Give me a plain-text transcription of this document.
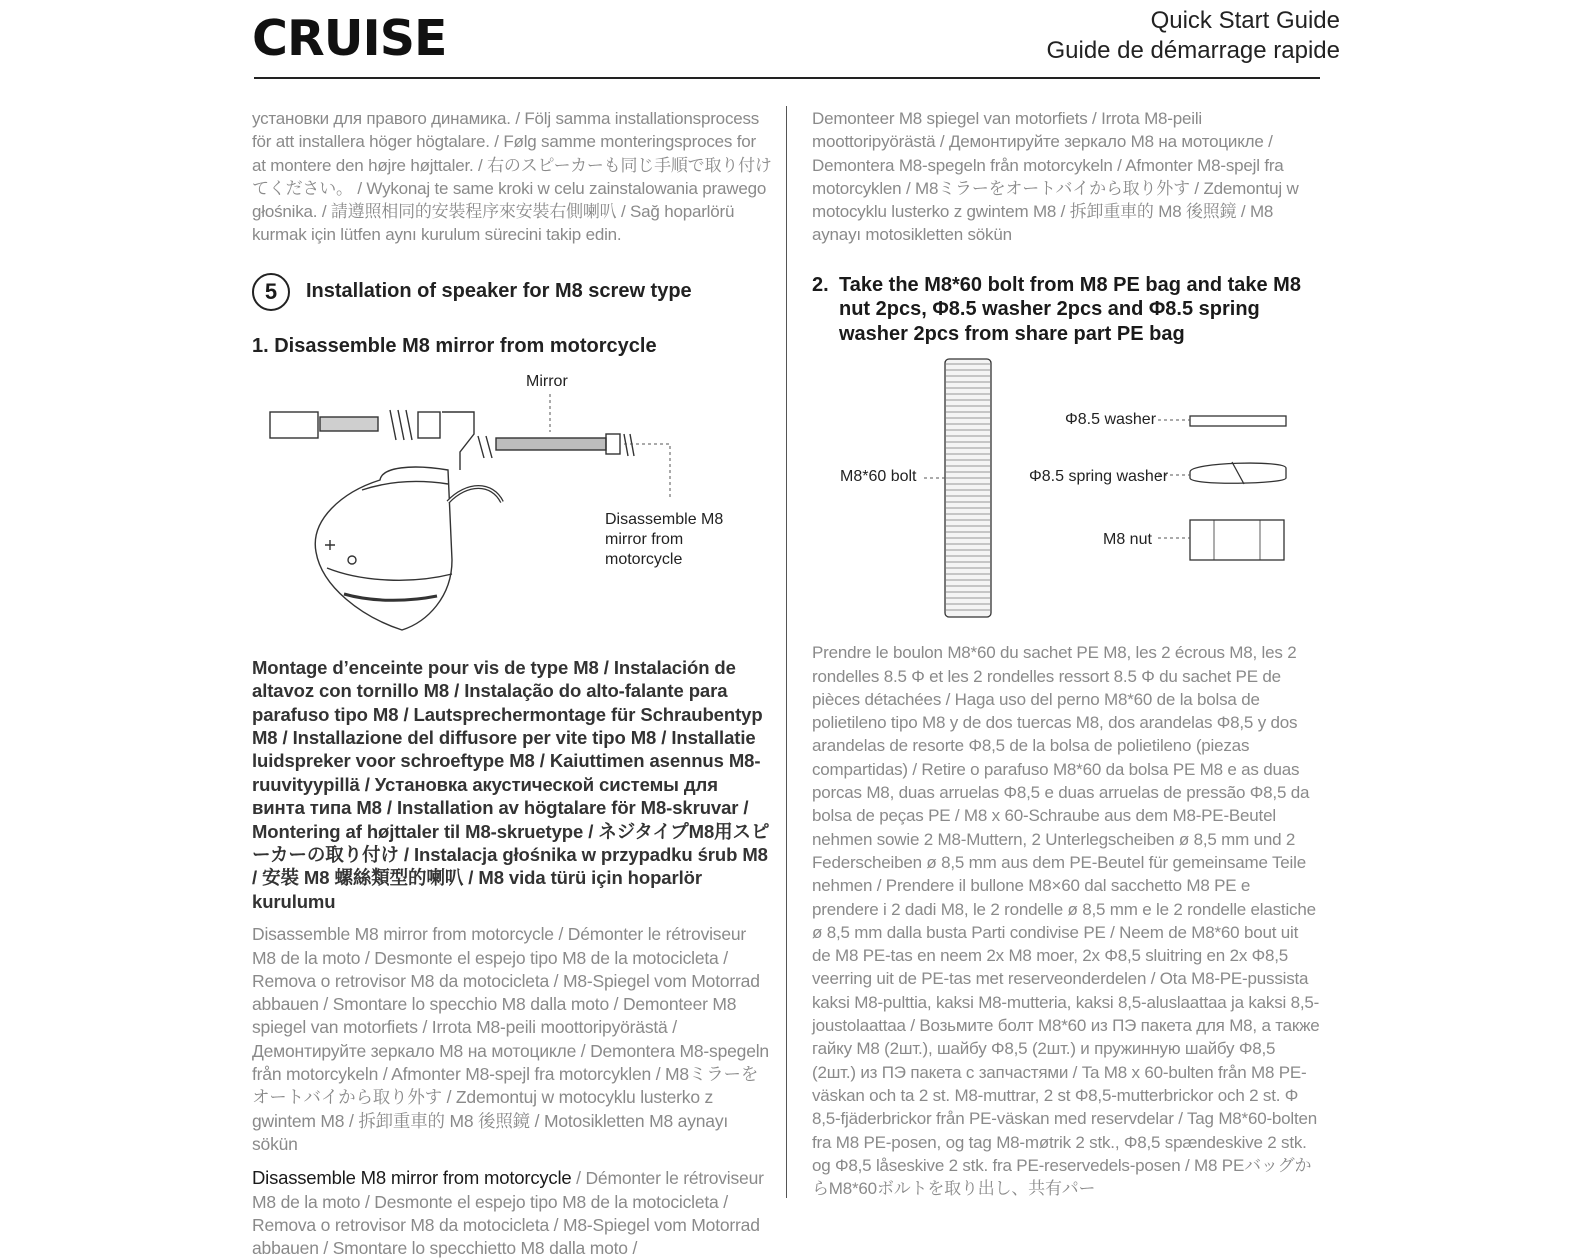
CRUISE	Quick Start Guide
Guide de démarrage rapide

установки для правого динамика. / Följ samma installationsprocess för att installera höger högtalare. / Følg samme monteringsproces for at montere den højre højttaler. / 右のスピーカーも同じ手順で取り付けてください。 / Wykonaj te same kroki w celu zainstalowania prawego głośnika. / 請遵照相同的安裝程序來安裝右側喇叭 / Sağ hoparlörü kurmak için lütfen aynı kurulum sürecini takip edin.

5	Installation of speaker for M8 screw type
1. Disassemble M8 mirror from motorcycle
Mirror
Disassemble M8 mirror from motorcycle

Montage d’enceinte pour vis de type M8 / Instalación de altavoz con tornillo M8 / Instalação do alto-falante para parafuso tipo M8 / Lautsprechermontage für Schraubentyp M8 / Installazione del diffusore per vite tipo M8 / Installatie luidspreker voor schroeftype M8 / Kaiuttimen asennus M8-ruuvityypillä / Установка акустической системы для винта типа M8 / Installation av högtalare för M8-skruvar / Montering af højttaler til M8-skruetype / ネジタイプM8用スピーカーの取り付け / Instalacja głośnika w przypadku śrub M8 / 安裝 M8 螺絲類型的喇叭 / M8 vida türü için hoparlör kurulumu

Disassemble M8 mirror from motorcycle / Démonter le rétroviseur M8 de la moto / Desmonte el espejo tipo M8 de la motocicleta / Remova o retrovisor M8 da motocicleta / M8-Spiegel vom Motorrad abbauen / Smontare lo specchio M8 dalla moto / Demonteer M8 spiegel van motorfiets / Irrota M8-peili moottoripyörästä / Демонтируйте зеркало M8 на мотоцикле / Demontera M8-spegeln från motorcykeln / Afmonter M8-spejl fra motorcyklen / M8ミラーをオートバイから取り外す / Zdemontuj w motocyklu lusterko z gwintem M8 / 拆卸重車的 M8 後照鏡 / Motosikletten M8 aynayı sökün

Disassemble M8 mirror from motorcycle / Démonter le rétroviseur M8 de la moto / Desmonte el espejo tipo M8 de la motocicleta / Remova o retrovisor M8 da motocicleta / M8-Spiegel vom Motorrad abbauen / Smontare lo specchietto M8 dalla moto /

Demonteer M8 spiegel van motorfiets / Irrota M8-peili moottoripyörästä / Демонтируйте зеркало M8 на мотоцикле / Demontera M8-spegeln från motorcykeln / Afmonter M8-spejl fra motorcyklen / M8ミラーをオートバイから取り外す / Zdemontuj w motocyklu lusterko z gwintem M8 / 拆卸重車的 M8 後照鏡 / M8 aynayı motosikletten sökün

2. Take the M8*60 bolt from M8 PE bag and take M8 nut 2pcs, Φ8.5 washer 2pcs and Φ8.5 spring washer 2pcs from share part PE bag
M8*60 bolt
Φ8.5 washer
Φ8.5 spring washer
M8 nut

Prendre le boulon M8*60 du sachet PE M8, les 2 écrous M8, les 2 rondelles 8.5 Φ et les 2 rondelles ressort 8.5 Φ du sachet PE de pièces détachées / Haga uso del perno M8*60 de la bolsa de polietileno tipo M8 y de dos tuercas M8, dos arandelas Φ8,5 y dos arandelas de resorte Φ8,5 de la bolsa de polietileno (piezas compartidas) / Retire o parafuso M8*60 da bolsa PE M8 e as duas porcas M8, duas arruelas Φ8,5 e duas arruelas de pressão Φ8,5 da bolsa de peças PE / M8 x 60-Schraube aus dem M8-PE-Beutel nehmen sowie 2 M8-Muttern, 2 Unterlegscheiben ø 8,5 mm und 2 Federscheiben ø 8,5 mm aus dem PE-Beutel für gemeinsame Teile nehmen / Prendere il bullone M8×60 dal sacchetto M8 PE e prendere i 2 dadi M8, le 2 rondelle ø 8,5 mm e le 2 rondelle elastiche ø 8,5 mm dalla busta Parti condivise PE / Neem de M8*60 bout uit de M8 PE-tas en neem 2x M8 moer, 2x Φ8,5 sluitring en 2x Φ8,5 veerring uit de PE-tas met reserveonderdelen / Ota M8-PE-pussista kaksi M8-pulttia, kaksi M8-mutteria, kaksi 8,5-aluslaattaa ja kaksi 8,5-joustolaattaa / Возьмите болт M8*60 из ПЭ пакета для M8, а также гайку M8 (2шт.), шайбу Φ8,5 (2шт.) и пружинную шайбу Φ8,5 (2шт.) из ПЭ пакета с запчастями / Ta M8 x 60-bulten från M8 PE-väskan och ta 2 st. M8-muttrar, 2 st Φ8,5-mutterbrickor och 2 st. Φ 8,5-fjäderbrickor från PE-väskan med reservdelar / Tag M8*60-bolten fra M8 PE-posen, og tag M8-møtrik 2 stk., Φ8,5 spændeskive 2 stk. og Φ8,5 låseskive 2 stk. fra PE-reservedels-posen / M8 PEバッグからM8*60ボルトを取り出し、共有パー
